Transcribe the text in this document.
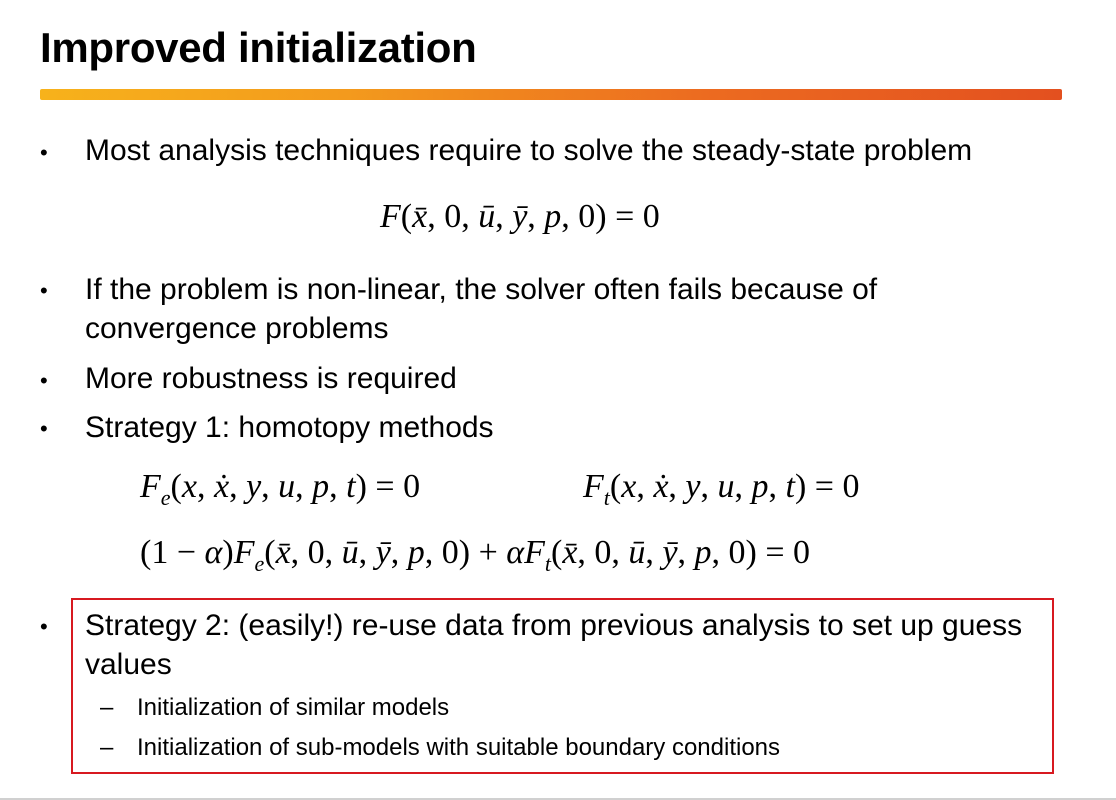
Improved initialization
• Most analysis techniques require to solve the steady-state problem

F(x̄, 0, ū, ȳ, p, 0) = 0
• If the problem is non-linear, the solver often fails because of convergence problems

• More robustness is required

• Strategy 1: homotopy methods

$F_e(x$, ẋ, y, u, p, t) = 0	$F_t(x$, ẋ, y, u, p, t) = 0
$(1 - \alpha)F_e(x̄$, 0, ū, ȳ, p, $0) + \alpha F_t(x̄$, 0, ū, ȳ, p, 0) = 0
• Strategy 2: (easily!) re-use data from previous analysis to set up guess values

– Initialization of similar models

– Initialization of sub-models with suitable boundary conditions
